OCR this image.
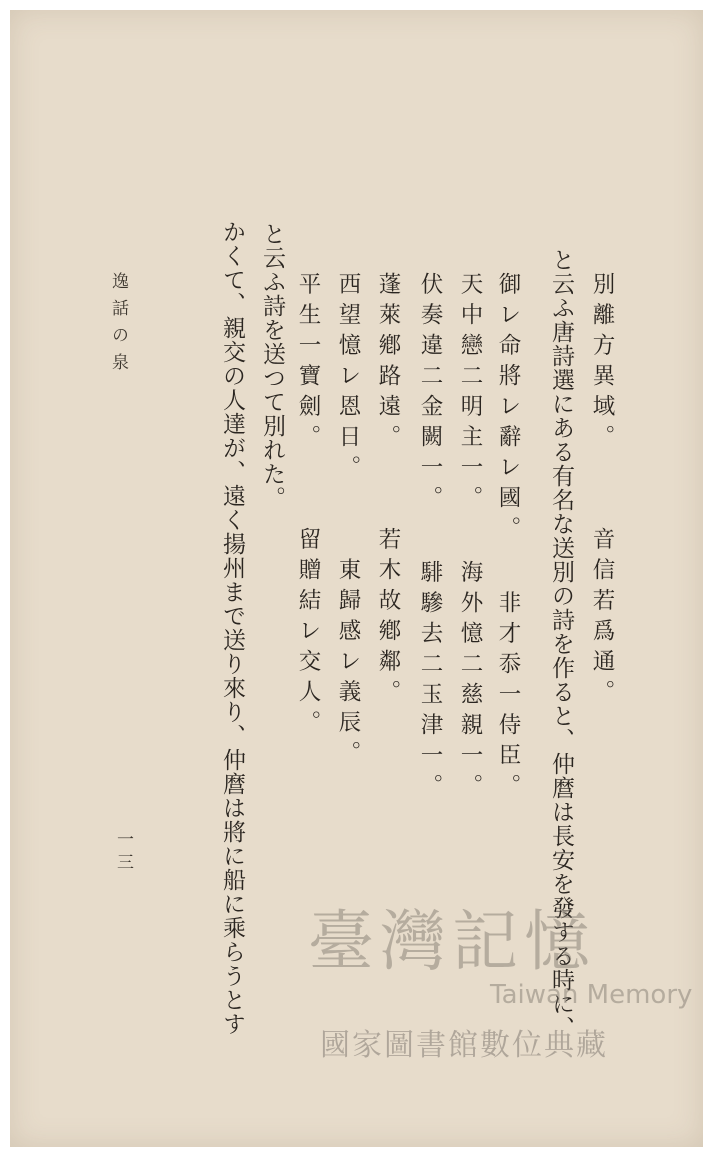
別離方異域。音信若爲通。
と云ふ唐詩選にある有名な送別の詩を作ると、仲麿は長安を發する時に、
御レ命將レ辭レ國。非才忝一侍臣。
天中戀二明主一。海外憶二慈親一。
伏奏違二金闕一。騑驂去二玉津一。
蓬萊鄕路遠。若木故鄕鄰。
西望憶レ恩日。東歸感レ義辰。
平生一寶劍。留贈結レ交人。
と云ふ詩を送つて別れた。
かくて、親交の人達が、遠く揚州まで送り來り、仲麿は將に船に乘らうとす
逸話の泉
一三
臺灣記憶
Taiwan Memory
國家圖書館數位典藏
